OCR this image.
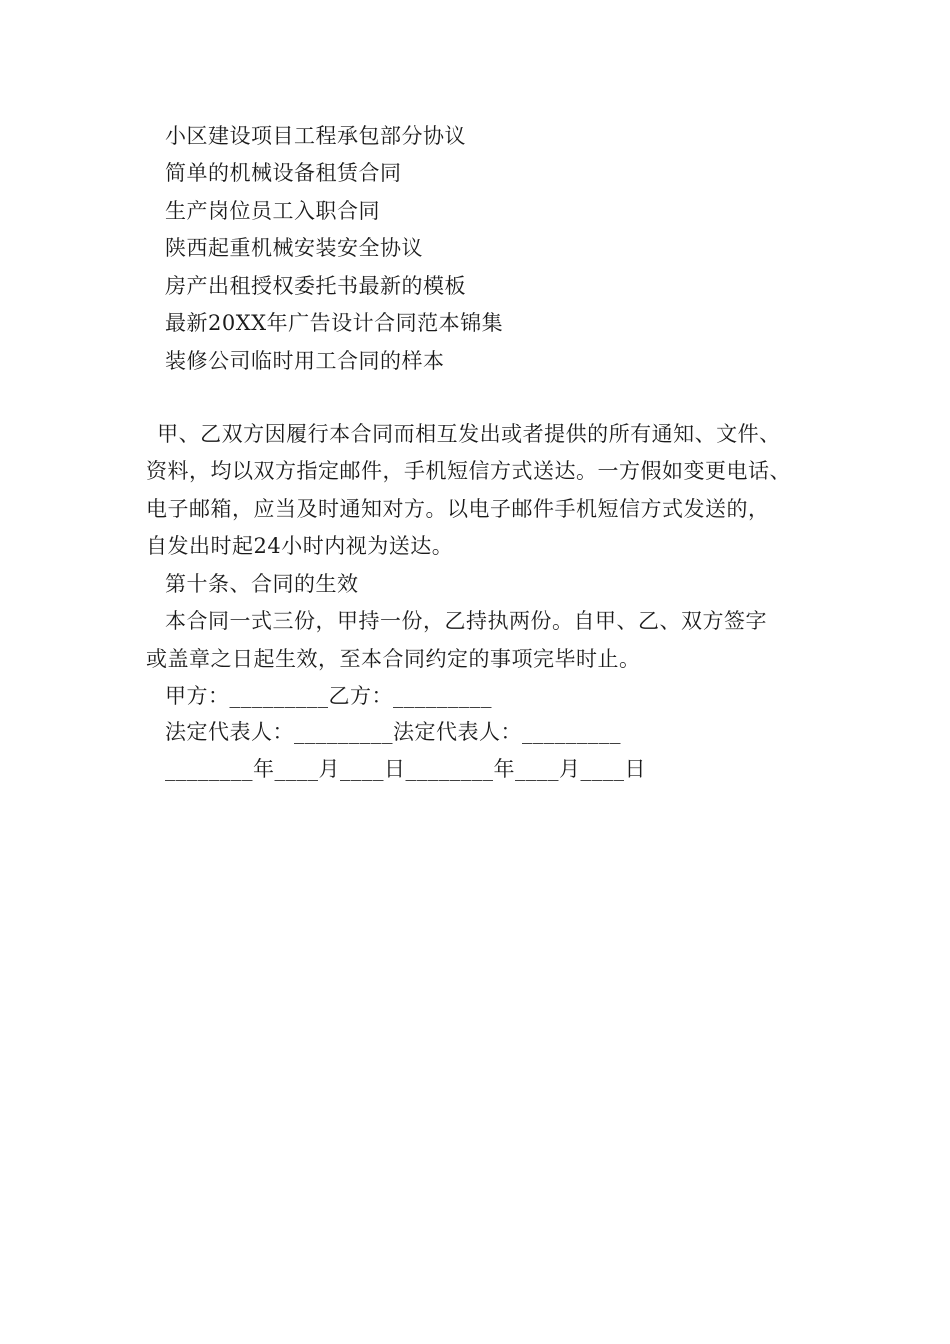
小区建设项目工程承包部分协议
简单的机械设备租赁合同
生产岗位员工入职合同
陕西起重机械安装安全协议
房产出租授权委托书最新的模板
最新20XX年广告设计合同范本锦集
装修公司临时用工合同的样本
甲、乙双方因履行本合同而相互发出或者提供的所有通知、文件、
资料，均以双方指定邮件，手机短信方式送达。一方假如变更电话、
电子邮箱，应当及时通知对方。以电子邮件手机短信方式发送的，
自发出时起24小时内视为送达。
第十条、合同的生效
本合同一式三份，甲持一份，乙持执两份。自甲、乙、双方签字
或盖章之日起生效，至本合同约定的事项完毕时止。
甲方：_________乙方：_________
法定代表人：_________法定代表人：_________
________年____月____日________年____月____日
